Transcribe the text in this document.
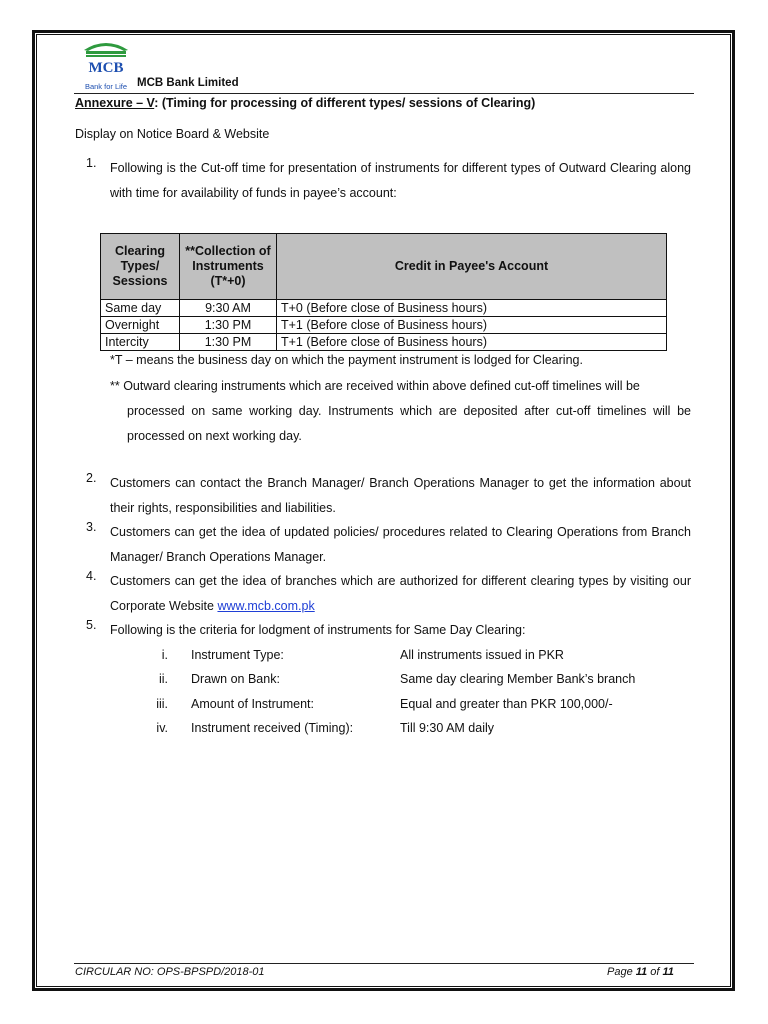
MCB
Bank for Life MCB Bank Limited
Annexure – V: (Timing for processing of different types/ sessions of Clearing)
Display on Notice Board & Website
1. Following is the Cut-off time for presentation of instruments for different types of Outward Clearing along with time for availability of funds in payee’s account:
Clearing Types/ Sessions	**Collection of Instruments (T*+0)	Credit in Payee's Account
Same day	9:30 AM	T+0 (Before close of Business hours)
Overnight	1:30 PM	T+1 (Before close of Business hours)
Intercity	1:30 PM	T+1 (Before close of Business hours)
*T – means the business day on which the payment instrument is lodged for Clearing.
** Outward clearing instruments which are received within above defined cut-off timelines will be
processed on same working day. Instruments which are deposited after cut-off timelines will be processed on next working day.
2. Customers can contact the Branch Manager/ Branch Operations Manager to get the information about their rights, responsibilities and liabilities.
3. Customers can get the idea of updated policies/ procedures related to Clearing Operations from Branch Manager/ Branch Operations Manager.
4. Customers can get the idea of branches which are authorized for different clearing types by visiting our Corporate Website www.mcb.com.pk
5. Following is the criteria for lodgment of instruments for Same Day Clearing:
i. Instrument Type:	All instruments issued in PKR
ii. Drawn on Bank:	Same day clearing Member Bank’s branch
iii. Amount of Instrument:	Equal and greater than PKR 100,000/-
iv. Instrument received (Timing):	Till 9:30 AM daily
CIRCULAR NO: OPS-BPSPD/2018-01	Page 11 of 11
